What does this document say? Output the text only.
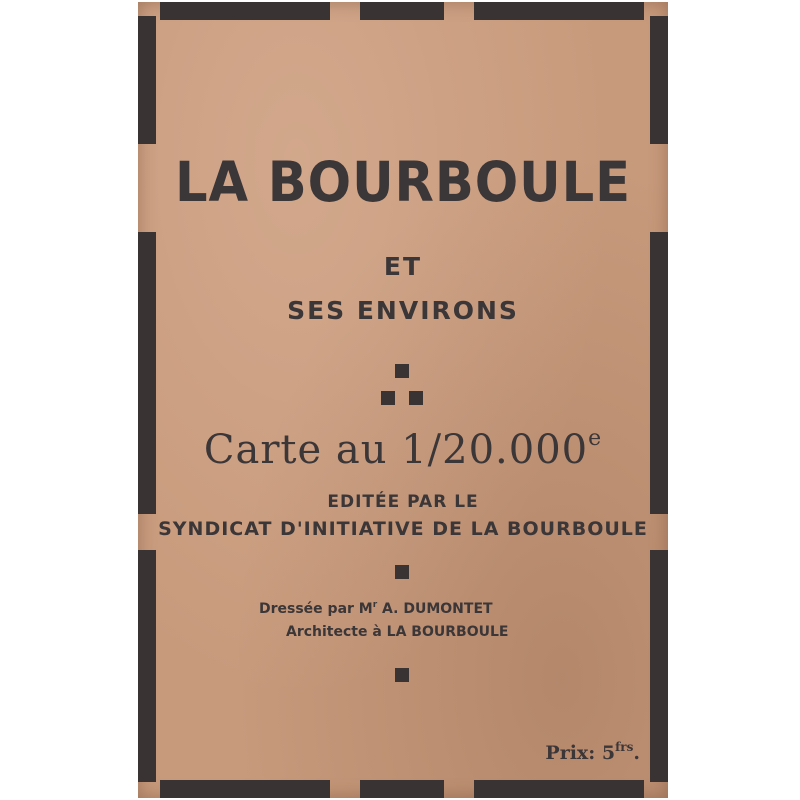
LA BOURBOULE
ET
SES ENVIRONS
Carte au 1/20.000e
EDITÉE PAR LE
SYNDICAT D'INITIATIVE DE LA BOURBOULE
Dressée par $M^r$ A. DUMONTET
Architecte à LA BOURBOULE
Prix: $5^{frs}$.
